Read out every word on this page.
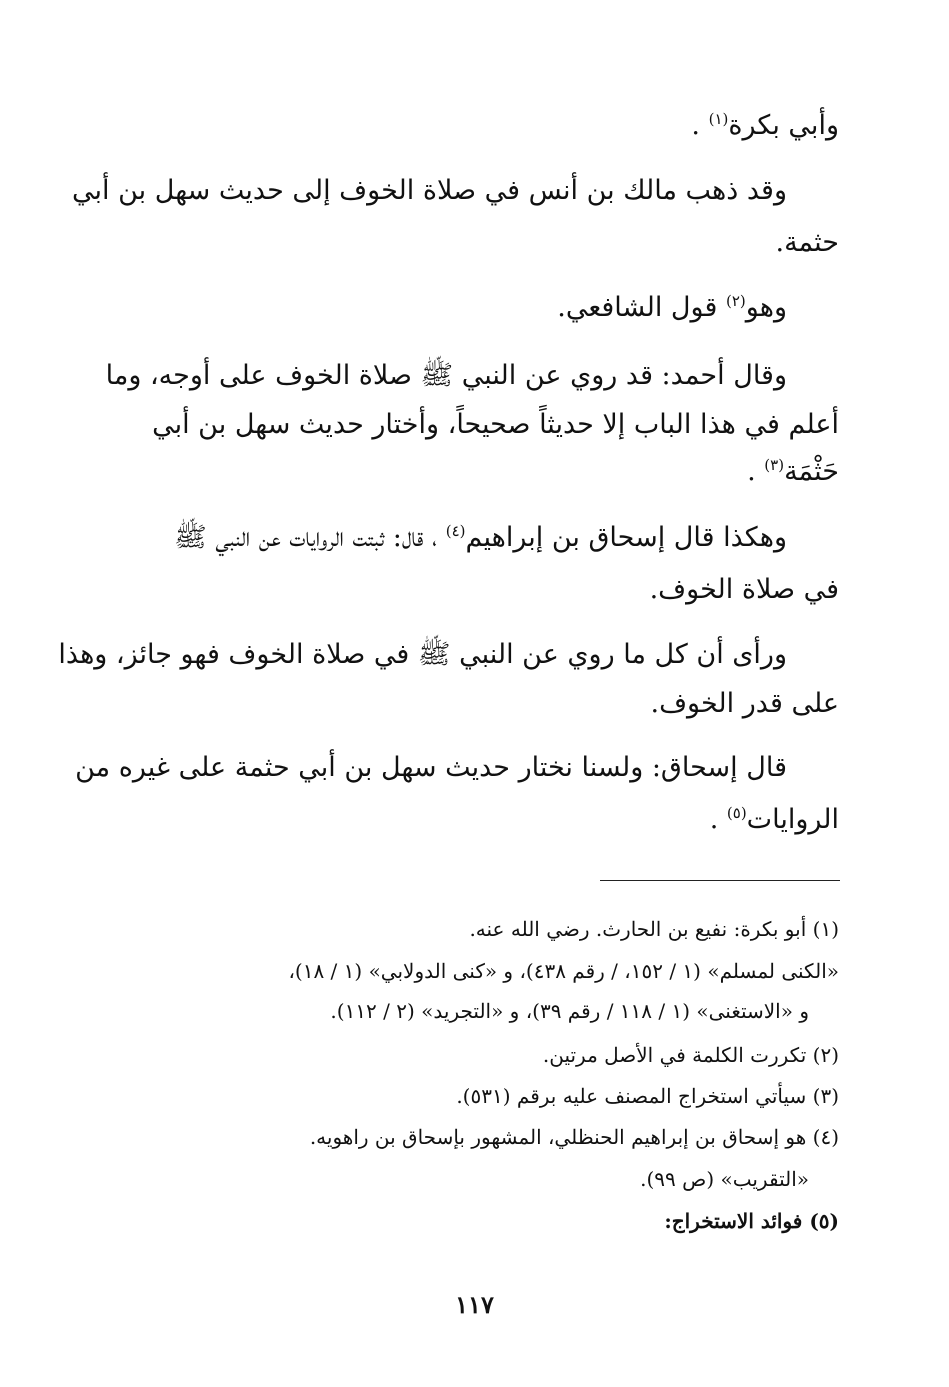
وأبي بكرة$^{(١)}$ .
وقد ذهب مالك بن أنس في صلاة الخوف إلى حديث سهل بن أبي
حثمة.
وهو$^{(٢)}$ قول الشافعي.
وقال أحمد: قد روي عن النبي ﷺ صلاة الخوف على أوجه، وما
أعلم في هذا الباب إلا حديثاً صحيحاً، وأختار حديث سهل بن أبي
حَثْمَة$^{(٣)}$ .
وهكذا قال إسحاق بن إبراهيم$^{(٤)}$ ، قال: ثبتت الروايات عن النبي ﷺ
في صلاة الخوف.
ورأى أن كل ما روي عن النبي ﷺ في صلاة الخوف فهو جائز، وهذا
على قدر الخوف.
قال إسحاق: ولسنا نختار حديث سهل بن أبي حثمة على غيره من
الروايات$^{(٥)}$ .
(١) أبو بكرة: نفيع بن الحارث. رضي الله عنه.
«الكنى لمسلم» (١ / ١٥٢، / رقم ٤٣٨)، و «كنى الدولابي» (١ / ١٨)،
و «الاستغنى» (١ / ١١٨ / رقم ٣٩)، و «التجريد» (٢ / ١١٢).
(٢) تكررت الكلمة في الأصل مرتين.
(٣) سيأتي استخراج المصنف عليه برقم (٥٣١).
(٤) هو إسحاق بن إبراهيم الحنظلي، المشهور بإسحاق بن راهويه.
«التقريب» (ص ٩٩).
(٥) فوائد الاستخراج:
١١٧
